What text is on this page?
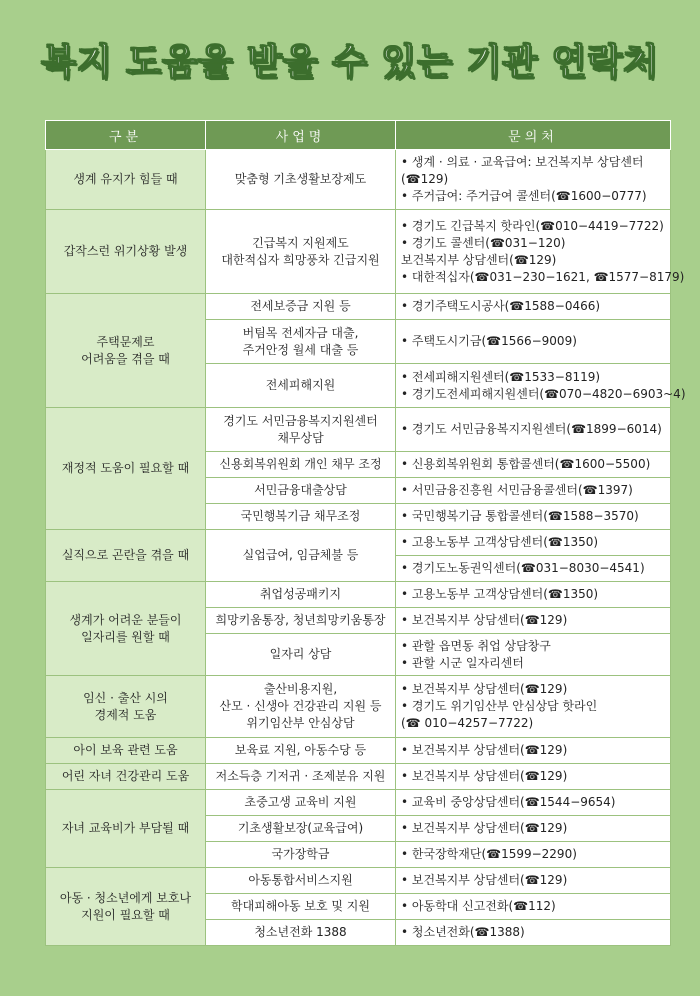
복지 도움을 받을 수 있는 기관 연락처
구분	사업명	문의처

생계 유지가 힘들 때	맞춤형 기초생활보장제도	• 생계 · 의료 · 교육급여: 보건복지부 상담센터
(☎129)
• 주거급여: 주거급여 콜센터(☎1600−0777)

갑작스런 위기상황 발생	긴급복지 지원제도
대한적십자 희망풍차 긴급지원	• 경기도 긴급복지 핫라인(☎010−4419−7722)
• 경기도 콜센터(☎031−120)
보건복지부 상담센터(☎129)
• 대한적십자(☎031−230−1621, ☎1577−8179)

주택문제로
어려움을 겪을 때	전세보증금 지원 등	• 경기주택도시공사(☎1588−0466)

	버팀목 전세자금 대출,
주거안정 월세 대출 등	• 주택도시기금(☎1566−9009)

	전세피해지원	• 전세피해지원센터(☎1533−8119)
• 경기도전세피해지원센터(☎070−4820−6903~4)

재정적 도움이 필요할 때	경기도 서민금융복지지원센터
채무상담	• 경기도 서민금융복지지원센터(☎1899−6014)

	신용회복위원회 개인 채무 조정	• 신용회복위원회 통합콜센터(☎1600−5500)

	서민금융대출상담	• 서민금융진흥원 서민금융콜센터(☎1397)

	국민행복기금 채무조정	• 국민행복기금 통합콜센터(☎1588−3570)

실직으로 곤란을 겪을 때	실업급여, 임금체불 등	• 고용노동부 고객상담센터(☎1350)

		• 경기도노동권익센터(☎031−8030−4541)

생계가 어려운 분들이
일자리를 원할 때	취업성공패키지	• 고용노동부 고객상담센터(☎1350)

	희망키움통장, 청년희망키움통장	• 보건복지부 상담센터(☎129)

	일자리 상담	• 관할 읍면동 취업 상담창구
• 관할 시군 일자리센터

임신 · 출산 시의
경제적 도움	출산비용지원,
산모 · 신생아 건강관리 지원 등
위기임산부 안심상담	• 보건복지부 상담센터(☎129)
• 경기도 위기임산부 안심상담 핫라인
(☎ 010−4257−7722)

아이 보육 관련 도움	보육료 지원, 아동수당 등	• 보건복지부 상담센터(☎129)

어린 자녀 건강관리 도움	저소득층 기저귀 · 조제분유 지원	• 보건복지부 상담센터(☎129)

자녀 교육비가 부담될 때	초중고생 교육비 지원	• 교육비 중앙상담센터(☎1544−9654)

	기초생활보장(교육급여)	• 보건복지부 상담센터(☎129)

	국가장학금	• 한국장학재단(☎1599−2290)

아동 · 청소년에게 보호나
지원이 필요할 때	아동통합서비스지원	• 보건복지부 상담센터(☎129)

	학대피해아동 보호 및 지원	• 아동학대 신고전화(☎112)

	청소년전화 1388	• 청소년전화(☎1388)
